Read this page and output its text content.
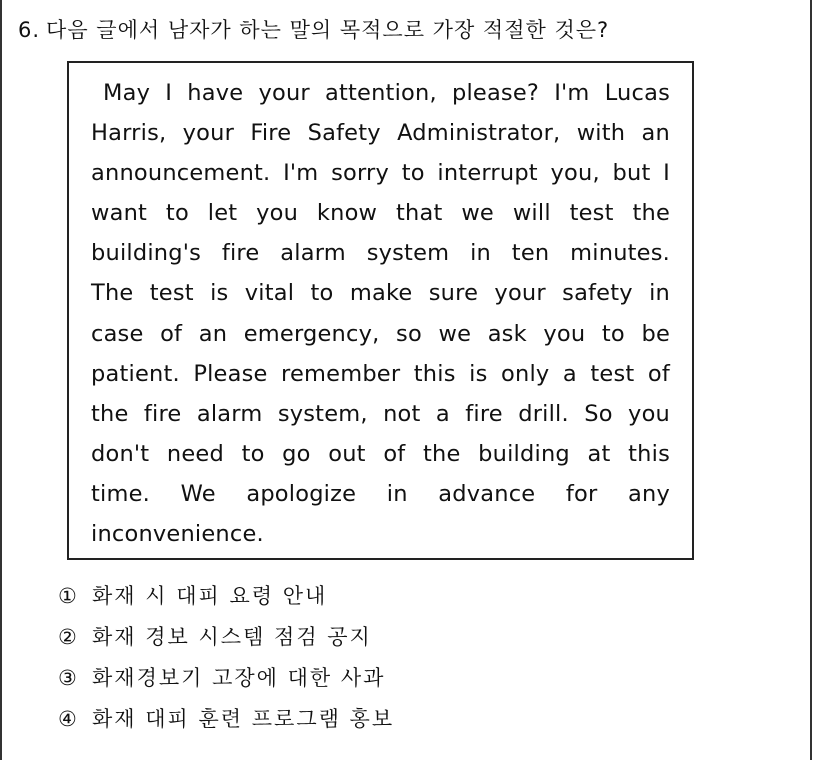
6. 다음 글에서 남자가 하는 말의 목적으로 가장 적절한 것은?
May I have your attention, please? I'm Lucas
Harris, your Fire Safety Administrator, with an
announcement. I'm sorry to interrupt you, but I
want to let you know that we will test the
building's fire alarm system in ten minutes.
The test is vital to make sure your safety in
case of an emergency, so we ask you to be
patient. Please remember this is only a test of
the fire alarm system, not a fire drill. So you
don't need to go out of the building at this
time. We apologize in advance for any
inconvenience.
① 화재 시 대피 요령 안내
② 화재 경보 시스템 점검 공지
③ 화재경보기 고장에 대한 사과
④ 화재 대피 훈련 프로그램 홍보
